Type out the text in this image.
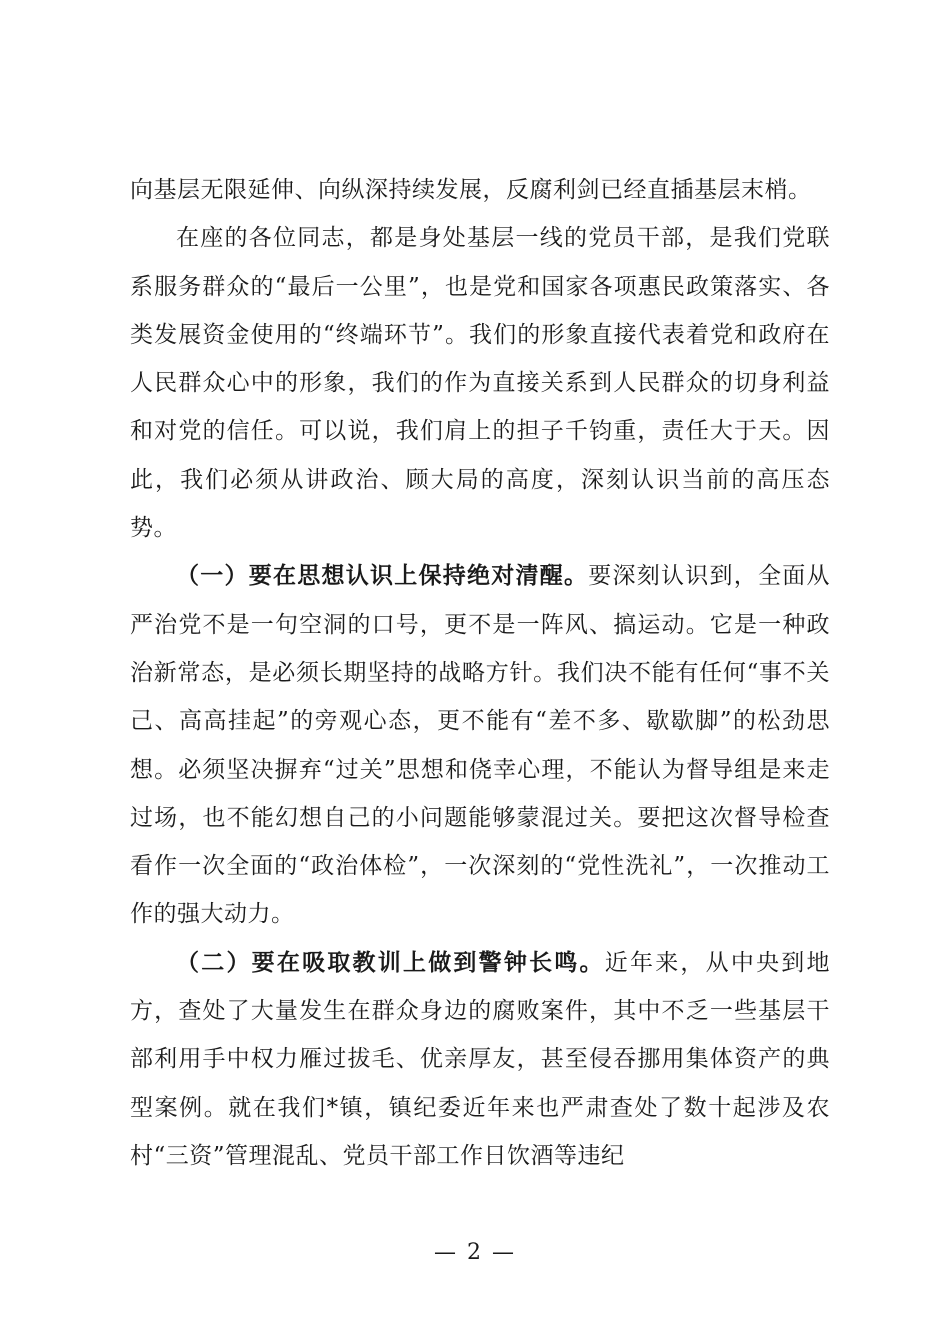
向基层无限延伸、向纵深持续发展，反腐利剑已经直插基层末梢。

在座的各位同志，都是身处基层一线的党员干部，是我们党联系服务群众的“最后一公里”，也是党和国家各项惠民政策落实、各类发展资金使用的“终端环节”。我们的形象直接代表着党和政府在人民群众心中的形象，我们的作为直接关系到人民群众的切身利益和对党的信任。可以说，我们肩上的担子千钧重，责任大于天。因此，我们必须从讲政治、顾大局的高度，深刻认识当前的高压态势。

（一）要在思想认识上保持绝对清醒。要深刻认识到，全面从严治党不是一句空洞的口号，更不是一阵风、搞运动。它是一种政治新常态，是必须长期坚持的战略方针。我们决不能有任何“事不关己、高高挂起”的旁观心态，更不能有“差不多、歇歇脚”的松劲思想。必须坚决摒弃“过关”思想和侥幸心理，不能认为督导组是来走过场，也不能幻想自己的小问题能够蒙混过关。要把这次督导检查看作一次全面的“政治体检”，一次深刻的“党性洗礼”，一次推动工作的强大动力。

（二）要在吸取教训上做到警钟长鸣。近年来，从中央到地方，查处了大量发生在群众身边的腐败案件，其中不乏一些基层干部利用手中权力雁过拔毛、优亲厚友，甚至侵吞挪用集体资产的典型案例。就在我们*镇，镇纪委近年来也严肃查处了数十起涉及农村“三资”管理混乱、党员干部工作日饮酒等违纪

— 2 —
